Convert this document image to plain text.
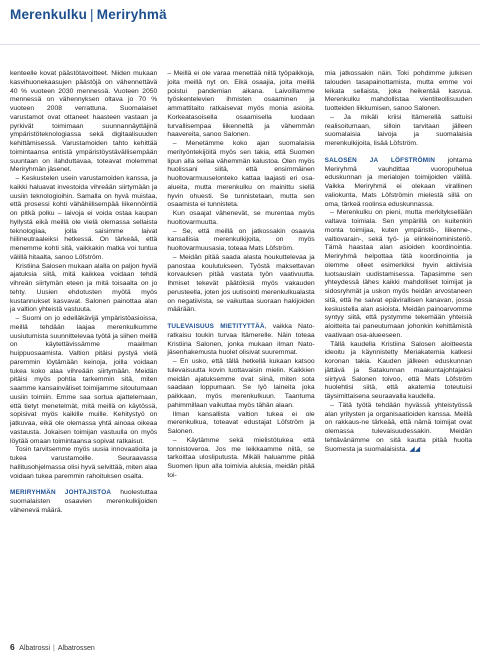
Merenkulku | Meriryhmä

kenteelle kovat päästötavoitteet. Niiden mukaan kasvihuonekaasujen päästöjä on vähennettävä 40 % vuoteen 2030 mennessä. Vuoteen 2050 mennessä on vähennyksen oltava jo 70 % vuoteen 2008 verrattuna. Suomalaiset varustamot ovat ottaneet haasteen vastaan ja pyrkivät toimimaan suunnannäyttäjinä ympäristöteknologiassa sekä digitaalisuuden kehittämisessä. Varustamoiden tahto kehittää toimintaansa entistä ympäristöystävällisempään suuntaan on ilahduttavaa, toteavat molemmat Meriryhmän jäsenet.

– Keskustelen usein varustamoiden kanssa, ja kaikki haluavat investoida vihreään siirtymään ja uusiin teknologioihin. Samalla on hyvä muistaa, että prosessi kohti vähähiilisempää liikennöintiä on pitkä polku – laivoja ei voida ostaa kaupan hyllystä eikä meillä ole vielä olemassa sellaista teknologiaa, jolla saisimme laivat hiilineutraaleiksi hetkessä. On tärkeää, että menemme kohti sitä, vaikkakin matka voi tuntua välillä hitaalta, sanoo Löfström.

Kristiina Salosen mukaan alalla on paljon hyviä ajatuksia siitä, mitä kaikkea voidaan tehdä vihreän siirtymän eteen ja mitä toisaalta on jo tehty. Uusien ehdotusten myötä myös kustannukset kasvavat. Salonen painottaa alan ja valtion yhteistä vastuuta.

– Suomi on jo edelläkävijä ympäristöasioissa, meillä tehdään laajaa merenkulkumme uusiutumista suunnittelevaa työtä ja siihen meillä on käytettävissämme maailman huippuosaamista. Valtion pitäisi pystyä vielä paremmin löytämään keinoja, joilla voidaan tukea koko alaa vihreään siirtymään. Meidän pitäisi myös pohtia tarkemmin sitä, miten saamme kansainväliset toimijamme sitoutumaan uusiin toimiin. Emme saa sortua ajattelemaan, että tietyt menetelmät, mitä meillä on käytössä, sopisivat myös kaikille muille. Kehitystyö on jatkuvaa, eikä ole olemassa yhtä ainoaa oikeaa vastausta. Jokaisen toimijan vastuulla on myös löytää omaan toimintaansa sopivat ratkaisut.

Tosin tarvitsemme myös uusia innovaatioita ja tukea varustamoille. Seuraavassa hallitusohjelmassa olisi hyvä selvittää, miten alaa voidaan tukea paremmin rahoituksen osalta.

MERIRYHMÄN JOHTAJISTOA huolestuttaa suomalaisten osaavien merenkulkijoiden vähenevä määrä.

– Meillä ei ole varaa menettää niitä työpaikkoja, joita meillä nyt on. Eikä osaajia, joita meillä poistui pandemian aikana. Laivoillamme työskentelevien ihmisten osaaminen ja ammattitaito ratkaisevat myös monia asioita. Korkeatasoisella osaamisella luodaan turvallisempaa liikennettä ja vähemmän haavereita, sanoo Salonen.

– Menetämme koko ajan suomalaisia merityöntekijöitä myös sen takia, että Suomen lipun alla sellaa vähemmän kalustoa. Olen myös huolissani siitä, että ensimmäinen huoltovarmuuselonteko kattaa laajasti eri osa-alueita, mutta merenkulku on mainittu siellä hyvin ohuesti. Se tunnistetaan, mutta sen osaamista ei tunnisteta.

Kun osaajat vähenevät, se murentaa myös huoltovarmuutta.

– Se, että meillä on jatkossakin osaavia kansallisia merenkulkijoita, on myös huoltovarmuusasia, toteaa Mats Löfström.

– Meidän pitää saada alasta houkuttelevaa ja panostaa koulutukseen. Työstä maksettavan korvauksen pitää vastata työn vaativuutta. Ihmiset tekevät päätöksiä myös vakauden perusteella, joten jos uutisointi merenkulkualasta on negatiivista, se vaikuttaa suoraan hakijoiden määrään.

TULEVAISUUS MIETITYTTÄÄ, vaikka Nato-ratkaisu toukin turvaa Itämerelle. Näin toteaa Kristiina Salonen, jonka mukaan ilman Nato-jäsenhakemusta huolet olisivat suuremmat.

– En usko, että tällä hetkellä kukaan katsoo tulevaisuutta kovin luottavaisin mielin. Kaikkien meidän ajatuksemme ovat siinä, miten sota saadaan loppumaan. Se lyö laineita joka paikkaan, myös merenkulkuun. Taantuma pahimmillaan vaikuttaa myös tähän alaan.

Ilman kansallista valtion tukea ei ole merenkulkua, toteavat edustajat Löfström ja Salonen.

– Käytämme sekä mielistötukea että tonnistoveroa. Jos me leikkaamme niitä, se tarkoittaa ulosliputusta. Mikäli haluamme pitää Suomen lipun alla toimivia aluksia, meidän pitää toi-

mia jatkossakin näin. Toki pohdimme julkisen talouden tasapainottamista, mutta emme voi leikata sellaista, joka heikentää kasvua. Merenkulku mahdollistaa vientiteollisuuden tuotteiden liikkumisen, sanoo Salonen.

– Ja mikäli kriisi Itämerellä sattuisi realisoitumaan, silloin tarvitaan jälleen suomalaisia laivoja ja suomalaisia merenkulkijoita, lisää Löfström.

SALOSEN JA LÖFSTRÖMIN johtama Meriryhmä vauhdittaa vuoropuhelua eduskunnan ja merialojen toimijoiden välillä. Vaikka Meriryhmä ei olekaan virallinen valiokunta, Mats Löfströmin mielestä sillä on oma, tärkeä roolinsa eduskunnassa.

– Merenkulku on pieni, mutta merkityksellään valtava toimiala. Sen ympärillä on kuitenkin monta toimijaa, kuten ympäristö-, liikenne-, valtiovarain-, sekä työ- ja elinkeinoministeriö. Tämä haastaa alan asioiden koordinointia. Meriryhmä helpottaa tätä koordinointia ja olemme olleet esimerkiksi hyvin aktiivisia luotsauslain uudistamisessa. Tapasimme sen yhteydessä lähes kaikki mahdolliset toimijat ja sidosryhmät ja uskon myös heidän arvostaneen sitä, että he saivat epävirallisen kanavan, jossa keskustella alan asioista. Meidän painoarvomme syntyy siitä, että pystymme tekemään yhteisiä aloitteita tai paneutumaan johonkin kehittämistä vaativaan osa-alueeseen.

Tällä kaudella Kristiina Salosen aloitteesta ideoitu ja käynnistetty Meriakatemia katkesi koronan takia. Kauden jälkeen eduskunnan jättävä ja Satakunnan maakuntajohtajaksi siirtyvä Salonen toivoo, että Mats Löfström huolehtisi siitä, että akatemia toteutuisi täysimittaisena seuraavalla kaudella.

– Tätä työtä tehdään hyvässä yhteistyössä alan yritysten ja organisaatioiden kanssa. Meillä on rakkaus-ne tärkeää, että nämä toimijat ovat olemassa tulevaisuudessakin. Meidän tehtävänämme on sitä kautta pitää huolta Suomesta ja suomalaisista. ◢◢

6 Albatrossi | Albatrossen
